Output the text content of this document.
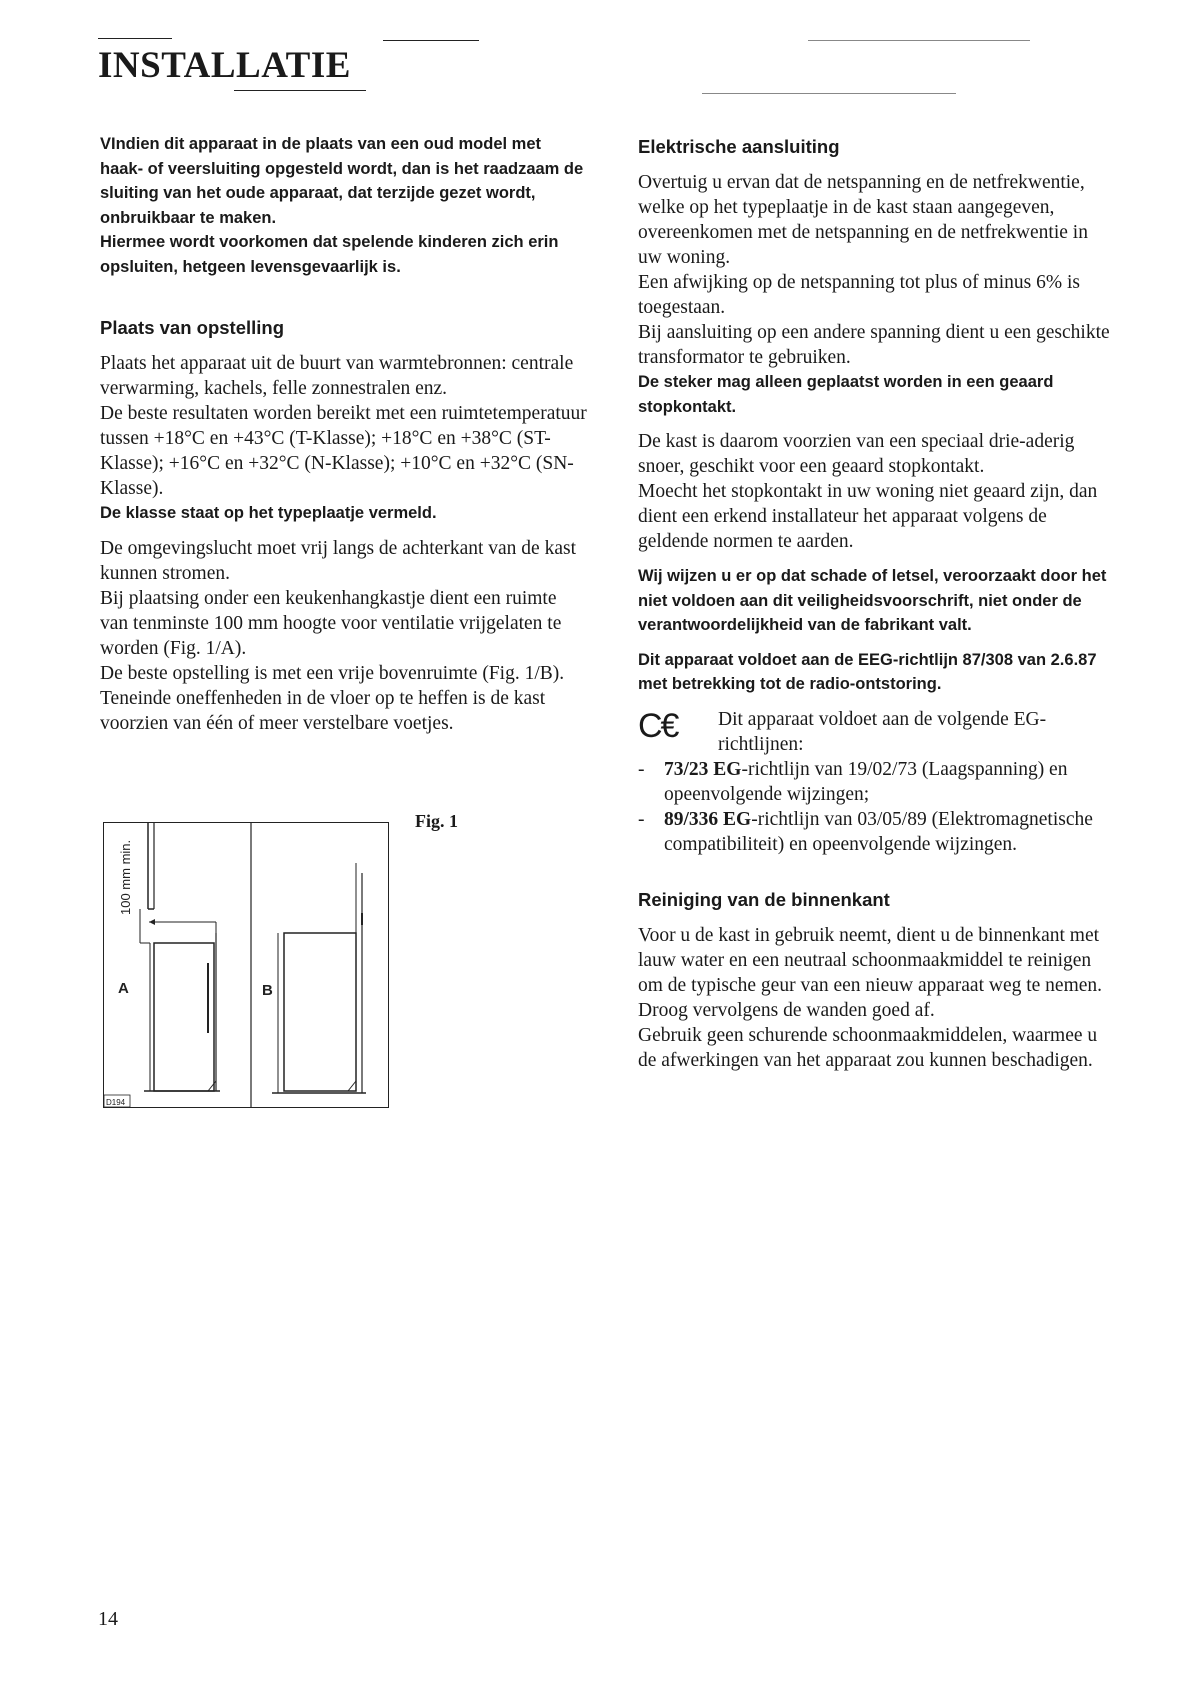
INSTALLATIE

VIndien dit apparaat in de plaats van een oud model met haak- of veersluiting opgesteld wordt, dan is het raadzaam de sluiting van het oude apparaat, dat terzijde gezet wordt, onbruikbaar te maken.

Hiermee wordt voorkomen dat spelende kinderen zich erin opsluiten, hetgeen levensgevaarlijk is.

Plaats van opstelling

Plaats het apparaat uit de buurt van warmtebronnen: centrale verwarming, kachels, felle zonnestralen enz.

De beste resultaten worden bereikt met een ruimtetemperatuur tussen +18°C en +43°C (T-Klasse); +18°C en +38°C (ST-Klasse); +16°C en +32°C (N-Klasse); +10°C en +32°C (SN-Klasse).

De klasse staat op het typeplaatje vermeld.

De omgevingslucht moet vrij langs de achterkant van de kast kunnen stromen.

Bij plaatsing onder een keukenhangkastje dient een ruimte van tenminste 100 mm hoogte voor ventilatie vrijgelaten te worden (Fig. 1/A).

De beste opstelling is met een vrije bovenruimte (Fig. 1/B).

Teneinde oneffenheden in de vloer op te heffen is de kast voorzien van één of meer verstelbare voetjes.

Fig. 1
100 mm min.
A	B
D194

Elektrische aansluiting

Overtuig u ervan dat de netspanning en de netfrekwentie, welke op het typeplaatje in de kast staan aangegeven, overeenkomen met de netspanning en de netfrekwentie in uw woning.

Een afwijking op de netspanning tot plus of minus 6% is toegestaan.

Bij aansluiting op een andere spanning dient u een geschikte transformator te gebruiken.

De steker mag alleen geplaatst worden in een geaard stopkontakt.

De kast is daarom voorzien van een speciaal drie-aderig snoer, geschikt voor een geaard stopkontakt.

Moecht het stopkontakt in uw woning niet geaard zijn, dan dient een erkend installateur het apparaat volgens de geldende normen te aarden.

Wij wijzen u er op dat schade of letsel, veroorzaakt door het niet voldoen aan dit veiligheidsvoorschrift, niet onder de verantwoordelijkheid van de fabrikant valt.

Dit apparaat voldoet aan de EEG-richtlijn 87/308 van 2.6.87 met betrekking tot de radio-ontstoring.

C€	Dit apparaat voldoet aan de volgende EG-richtlijnen:

-	73/23 EG-richtlijn van 19/02/73 (Laagspanning) en opeenvolgende wijzingen;
-	89/336 EG-richtlijn van 03/05/89 (Elektromagnetische compatibiliteit) en opeenvolgende wijzingen.

Reiniging van de binnenkant

Voor u de kast in gebruik neemt, dient u de binnenkant met lauw water en een neutraal schoonmaakmiddel te reinigen om de typische geur van een nieuw apparaat weg te nemen. Droog vervolgens de wanden goed af.

Gebruik geen schurende schoonmaakmiddelen, waarmee u de afwerkingen van het apparaat zou kunnen beschadigen.

14
